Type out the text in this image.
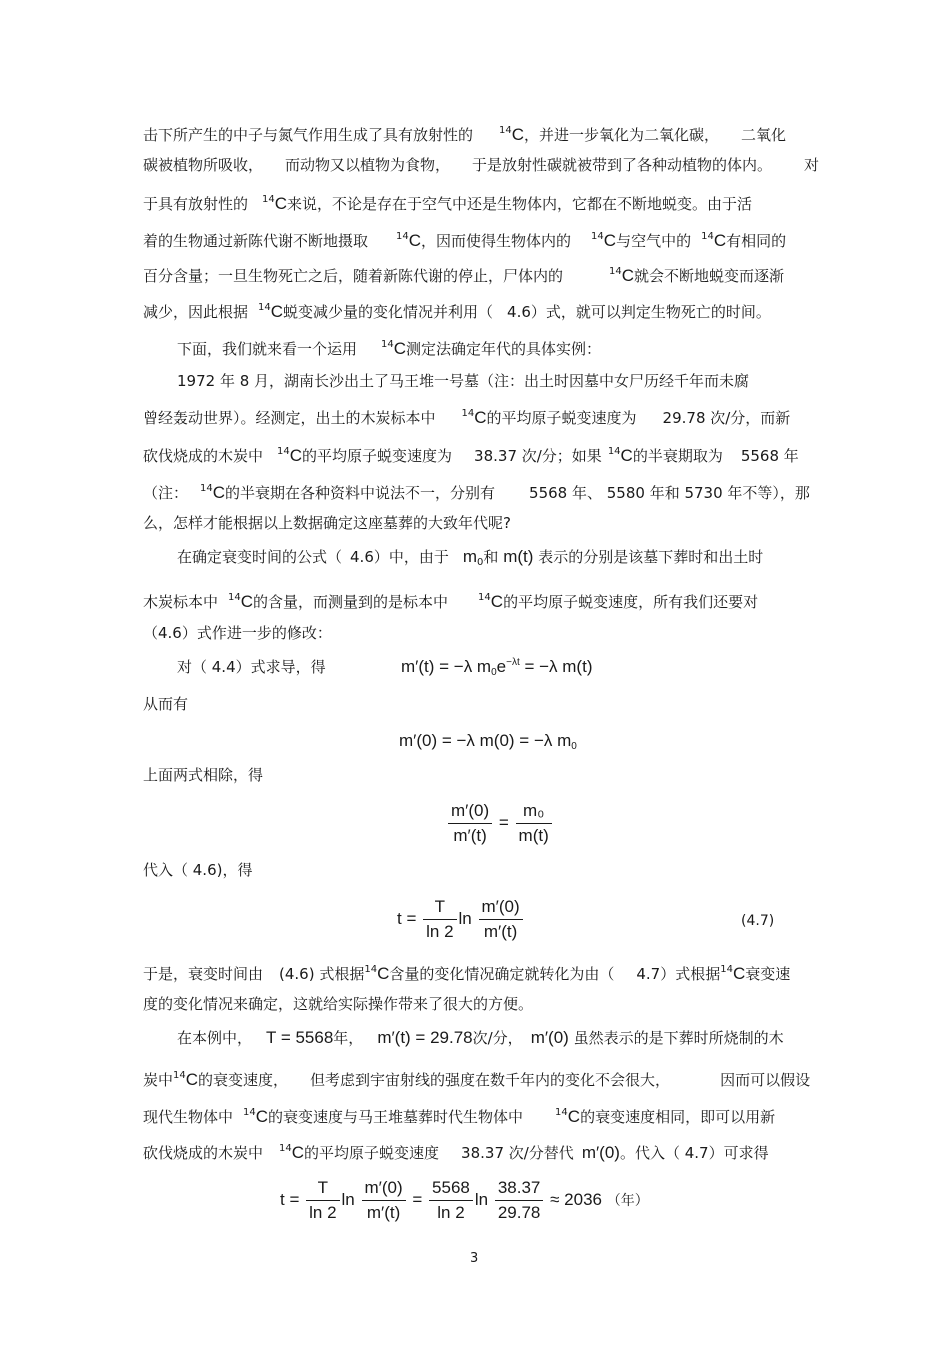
击下所产生的中子与氮气作用生成了具有放射性的	$^{14}$C，并进一步氧化为二氧化碳， 二氧化
碳被植物所吸收， 而动物又以植物为食物， 于是放射性碳就被带到了各种动植物的体内。 对
于具有放射性的 $^{14}$C来说，不论是存在于空气中还是生物体内，它都在不断地蜕变。由于活
着的生物通过新陈代谢不断地摄取	$^{14}$C，因而使得生物体内的 $^{14}$C与空气中的 $^{14}$C有相同的
百分含量；一旦生物死亡之后，随着新陈代谢的停止，尸体内的	$^{14}$C就会不断地蜕变而逐渐
减少，因此根据 $^{14}$C蜕变减少量的变化情况并利用（ 4.6）式，就可以判定生物死亡的时间。
下面，我们就来看一个运用 $^{14}$C测定法确定年代的具体实例：
1972 年 8 月，湖南长沙出土了马王堆一号墓（注：出土时因墓中女尸历经千年而未腐
曾经轰动世界）。经测定，出土的木炭标本中	$^{14}$C的平均原子蜕变速度为 29.78 次/分，而新
砍伐烧成的木炭中 $^{14}$C的平均原子蜕变速度为 38.37 次/分；如果 $^{14}$C的半衰期取为 5568 年
（注： $^{14}$C的半衰期在各种资料中说法不一，分别有 5568 年、 5580 年和 5730 年不等），那
么，怎样才能根据以上数据确定这座墓葬的大致年代呢?
在确定衰变时间的公式（ 4.6）中，由于 $m_0$和 m(t) 表示的分别是该墓下葬时和出土时
木炭标本中 $^{14}$C的含量，而测量到的是标本中	$^{14}$C的平均原子蜕变速度，所有我们还要对
（4.6）式作进一步的修改：
对（ 4.4）式求导，得	m′(t) = −λ $m_0e^{-\lambda t} = -\lambda$ m(t)
从而有
m′(0) = −λ m(0) = −λ $m_0$
上面两式相除，得
$\frac{m'(0)}{m'(t)} = \frac{\text{m₀}}{m(t)}$
代入（ 4.6)，得
$t = \frac{T}{\ln 2}$ $\ln \frac{m'(0)}{m'(t)}$	(4.7)
于是，衰变时间由 (4.6) 式根据$^{14}$C含量的变化情况确定就转化为由（ 4.7）式根据$^{14}$C衰变速
度的变化情况来确定，这就给实际操作带来了很大的方便。
在本例中， T = 5568年， m′(t) = 29.78次/分， m′(0) 虽然表示的是下葬时所烧制的木
炭中$^{14}$C的衰变速度， 但考虑到宇宙射线的强度在数千年内的变化不会很大，	因而可以假设
现代生物体中 $^{14}$C的衰变速度与马王堆墓葬时代生物体中	$^{14}$C的衰变速度相同，即可以用新
砍伐烧成的木炭中 $^{14}$C的平均原子蜕变速度 38.37 次/分替代 m′(0)。代入（ 4.7）可求得
$t = \frac{T}{\ln 2}$ $\ln \frac{m'(0)}{m'(t)} = \frac{5568}{\ln 2}$ $\ln \frac{38.37}{29.78} \approx 2036$ （年）
3
